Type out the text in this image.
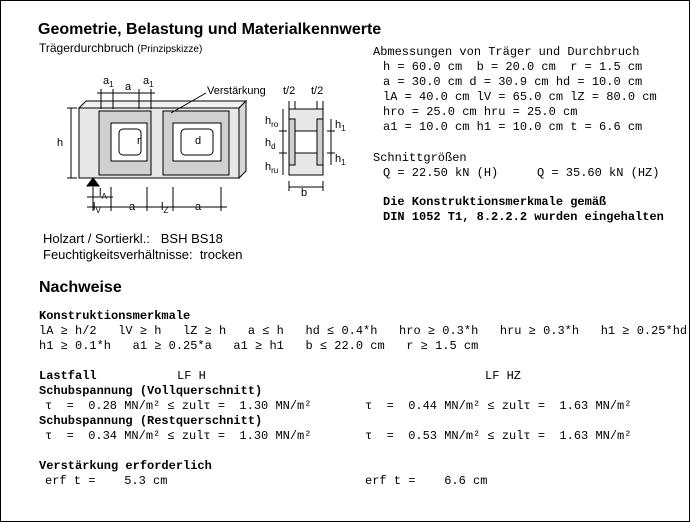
Geometrie, Belastung und Materialkennwerte
Trägerdurchbruch (Prinzipskizze)
$a_1$ a $a_1$
Verstärkung
h	r	d
$l_A$
$l_V$	a $l_Z$ a
t/2 t/2
$h_{ro}$
$h_d$
$h_{ru}$
$h_1$
$h_1$
b
Holzart / Sortierkl.: BSH BS18
Feuchtigkeitsverhältnisse: trocken
Abmessungen von Träger und Durchbruch
h = 60.0 cm  b = 20.0 cm  r = 1.5 cm
a = 30.0 cm d = 30.9 cm hd = 10.0 cm
lA = 40.0 cm lV = 65.0 cm lZ = 80.0 cm
hro = 25.0 cm hru = 25.0 cm
a1 = 10.0 cm h1 = 10.0 cm t = 6.6 cm
Schnittgrößen
Q = 22.50 kN (H)	Q = 35.60 kN (HZ)
Die Konstruktionsmerkmale gemäß
DIN 1052 T1, 8.2.2.2 wurden eingehalten
Nachweise
Konstruktionsmerkmale
lA ≥ h/2   lV ≥ h   lZ ≥ h   a ≤ h   hd ≤ 0.4*h   hro ≥ 0.3*h   hru ≥ 0.3*h   h1 ≥ 0.25*hd
h1 ≥ 0.1*h   a1 ≥ 0.25*a   a1 ≥ h1   b ≤ 22.0 cm   r ≥ 1.5 cm
Lastfall	LF H	LF HZ
Schubspannung (Vollquerschnitt)
τ  =  0.28 MN/m² ≤ zulτ =  1.30 MN/m²	τ  =  0.44 MN/m² ≤ zulτ =  1.63 MN/m²
Schubspannung (Restquerschnitt)
τ  =  0.34 MN/m² ≤ zulτ =  1.30 MN/m²	τ  =  0.53 MN/m² ≤ zulτ =  1.63 MN/m²
Verstärkung erforderlich
erf t =    5.3 cm	erf t =    6.6 cm
